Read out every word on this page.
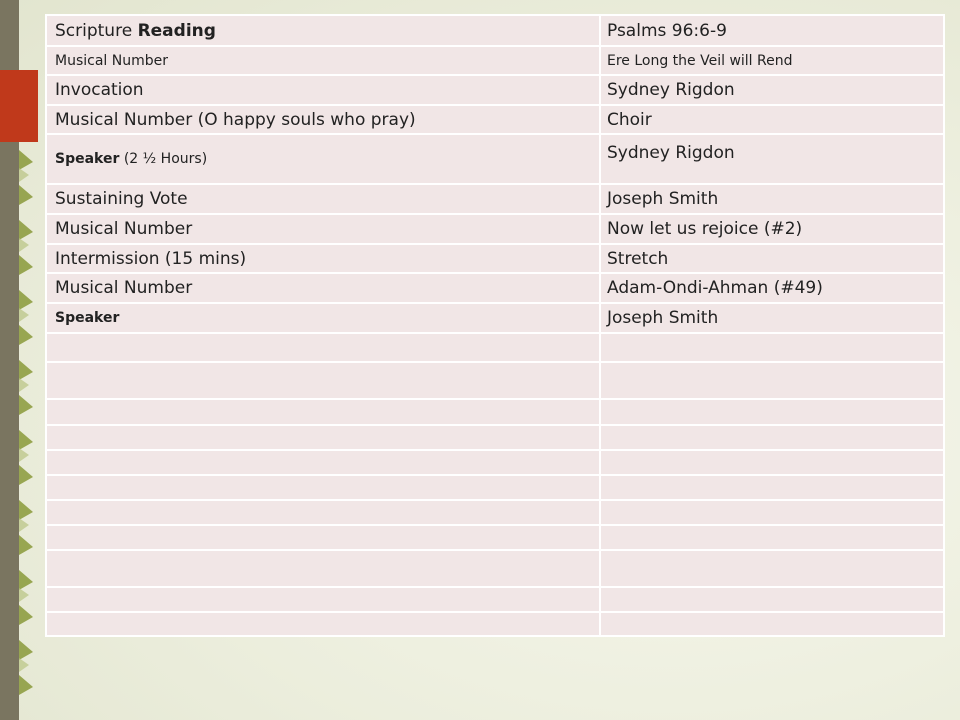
Scripture Reading	Psalms 96:6-9
Musical Number	Ere Long the Veil will Rend
Invocation	Sydney Rigdon
Musical Number (O happy souls who pray)	Choir
Speaker (2 ½ Hours)	Sydney Rigdon
Sustaining Vote	Joseph Smith
Musical Number	Now let us rejoice (#2)
Intermission (15 mins)	Stretch
Musical Number	Adam-Ondi-Ahman (#49)
Speaker	Joseph Smith
